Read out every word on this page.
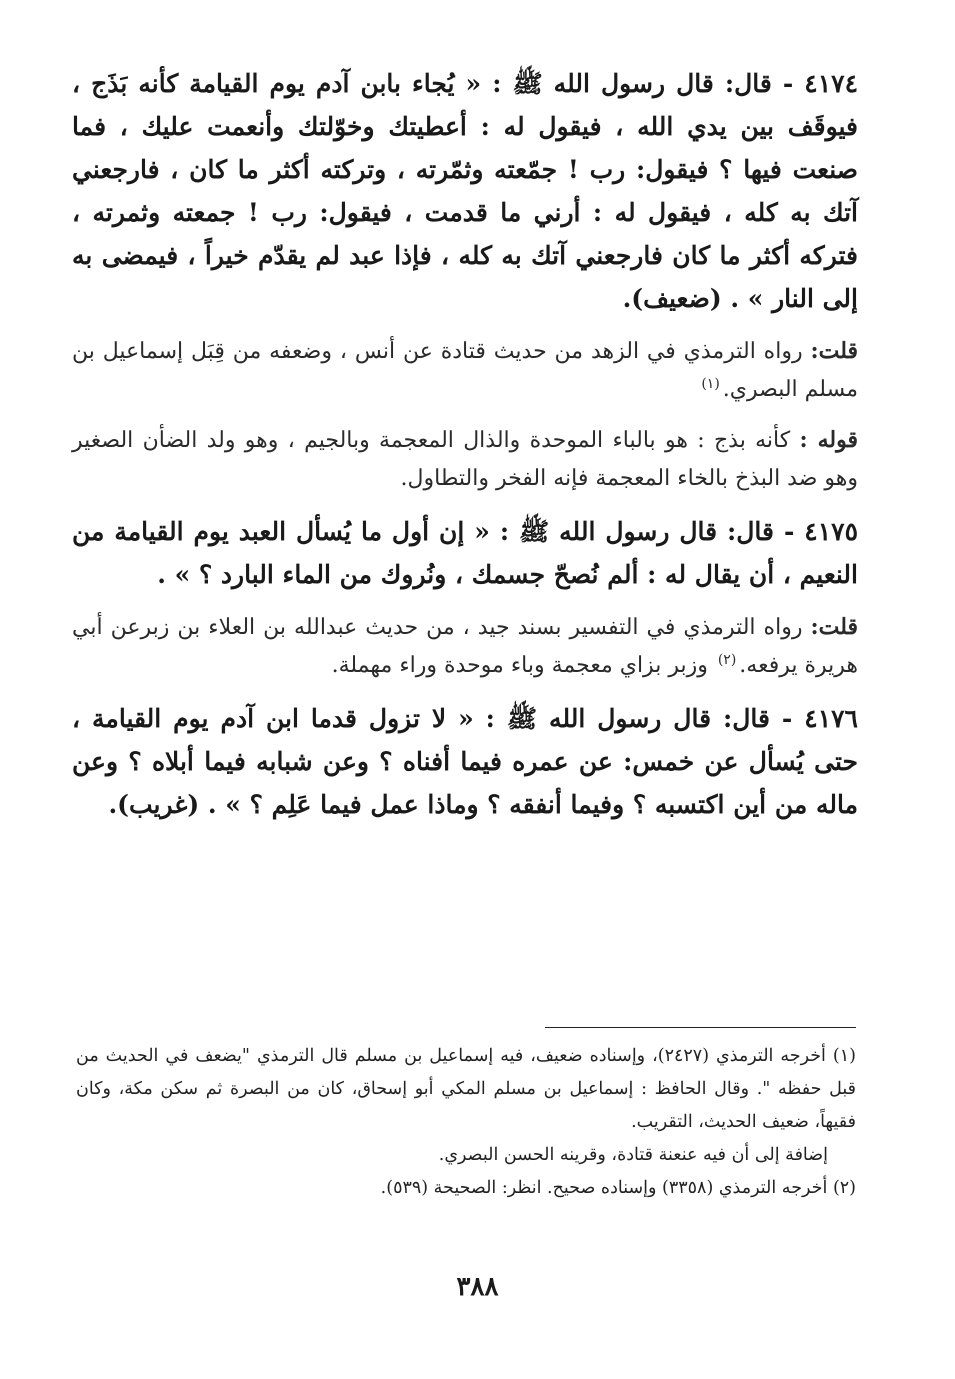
٤١٧٤ - قال: قال رسول الله ﷺ : « يُجاء بابن آدم يوم القيامة كأنه بَذَج ، فيوقَف بين يدي الله ، فيقول له : أعطيتك وخوّلتك وأنعمت عليك ، فما صنعت فيها ؟ فيقول: رب ! جمّعته وثمّرته ، وتركته أكثر ما كان ، فارجعني آتك به كله ، فيقول له : أرني ما قدمت ، فيقول: رب ! جمعته وثمرته ، فتركه أكثر ما كان فارجعني آتك به كله ، فإذا عبد لم يقدّم خيراً ، فيمضى به إلى النار » . (ضعيف).

قلت: رواه الترمذي في الزهد من حديث قتادة عن أنس ، وضعفه من قِبَل إسماعيل بن مسلم البصري.$^{(١)}$

قوله : كأنه بذج : هو بالباء الموحدة والذال المعجمة وبالجيم ، وهو ولد الضأن الصغير وهو ضد البذخ بالخاء المعجمة فإنه الفخر والتطاول.

٤١٧٥ - قال: قال رسول الله ﷺ : « إن أول ما يُسأل العبد يوم القيامة من النعيم ، أن يقال له : ألم نُصحّ جسمك ، ونُروك من الماء البارد ؟ » .

قلت: رواه الترمذي في التفسير بسند جيد ، من حديث عبدالله بن العلاء بن زبرعن أبي هريرة يرفعه.$^{(٢)}$ وزبر بزاي معجمة وباء موحدة وراء مهملة.

٤١٧٦ - قال: قال رسول الله ﷺ : « لا تزول قدما ابن آدم يوم القيامة ، حتى يُسأل عن خمس: عن عمره فيما أفناه ؟ وعن شبابه فيما أبلاه ؟ وعن ماله من أين اكتسبه ؟ وفيما أنفقه ؟ وماذا عمل فيما عَلِم ؟ » . (غريب).

(١) أخرجه الترمذي (٢٤٢٧)، وإسناده ضعيف، فيه إسماعيل بن مسلم قال الترمذي "يضعف في الحديث من قبل حفظه ". وقال الحافظ : إسماعيل بن مسلم المكي أبو إسحاق، كان من البصرة ثم سكن مكة، وكان فقيهاً، ضعيف الحديث، التقريب.

إضافة إلى أن فيه عنعنة قتادة، وقرينه الحسن البصري.

(٢) أخرجه الترمذي (٣٣٥٨) وإسناده صحيح. انظر: الصحيحة (٥٣٩).

٣٨٨
